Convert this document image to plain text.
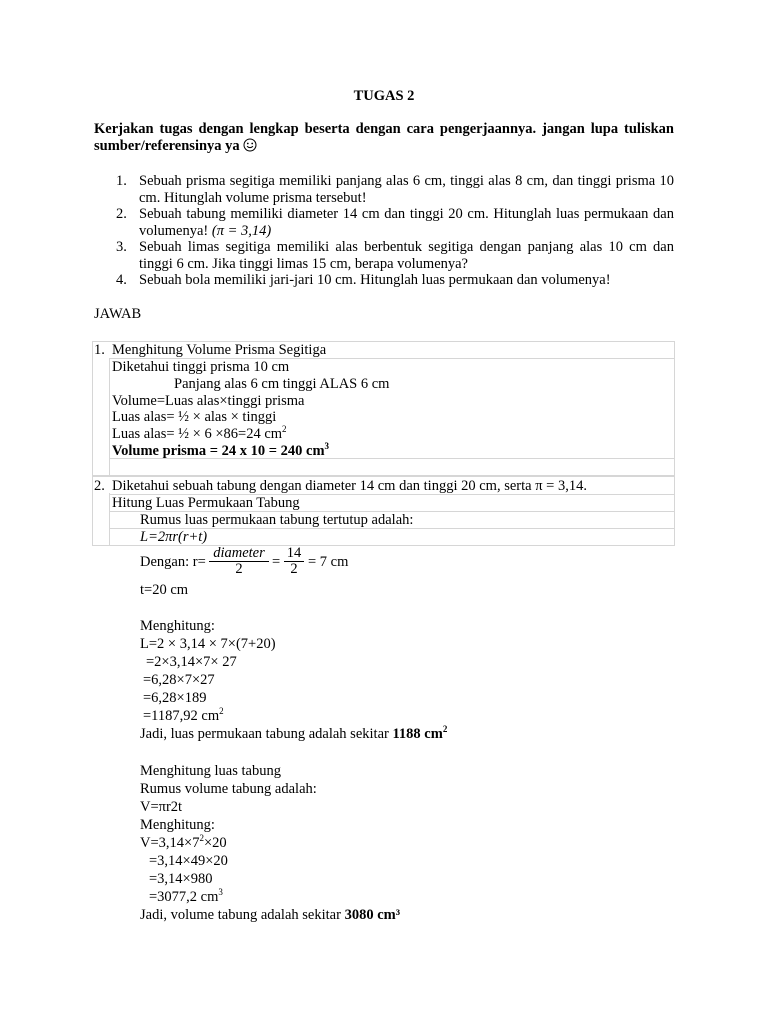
TUGAS 2
Kerjakan tugas dengan lengkap beserta dengan cara pengerjaannya. jangan lupa tuliskan sumber/referensinya ya
1. Sebuah prisma segitiga memiliki panjang alas 6 cm, tinggi alas 8 cm, dan tinggi prisma 10 cm. Hitunglah volume prisma tersebut!
2. Sebuah tabung memiliki diameter 14 cm dan tinggi 20 cm. Hitunglah luas permukaan dan volumenya! (π = 3,14)
3. Sebuah limas segitiga memiliki alas berbentuk segitiga dengan panjang alas 10 cm dan tinggi 6 cm. Jika tinggi limas 15 cm, berapa volumenya?
4. Sebuah bola memiliki jari-jari 10 cm. Hitunglah luas permukaan dan volumenya!
JAWAB
1. Menghitung Volume Prisma Segitiga
Diketahui tinggi prisma 10 cm
Panjang alas 6 cm tinggi ALAS 6 cm
Volume=Luas alas×tinggi prisma
Luas alas= ½ × alas × tinggi
Luas alas= ½ × 6 ×86=24 $cm^2$
Volume prisma = 24 x 10 = 240 $cm^3$
2. Diketahui sebuah tabung dengan diameter 14 cm dan tinggi 20 cm, serta π = 3,14.
Hitung Luas Permukaan Tabung
Rumus luas permukaan tabung tertutup adalah:
L=2πr(r+t)
Dengan: r=
diameter
2	= $\frac{14}{2} = 7$ cm
t=20 cm
Menghitung:
L=2 × 3,14 × 7×(7+20)
=2×3,14×7× 27
=6,28×7×27
=6,28×189
=1187,92 $cm^2$
Jadi, luas permukaan tabung adalah sekitar 1188 $cm^2$
Menghitung luas tabung
Rumus volume tabung adalah:
V=πr2t
Menghitung:
$V=3,14\times 7^2\times 20$
=3,14×49×20
=3,14×980
=3077,2 $cm^3$
Jadi, volume tabung adalah sekitar 3080 cm³
